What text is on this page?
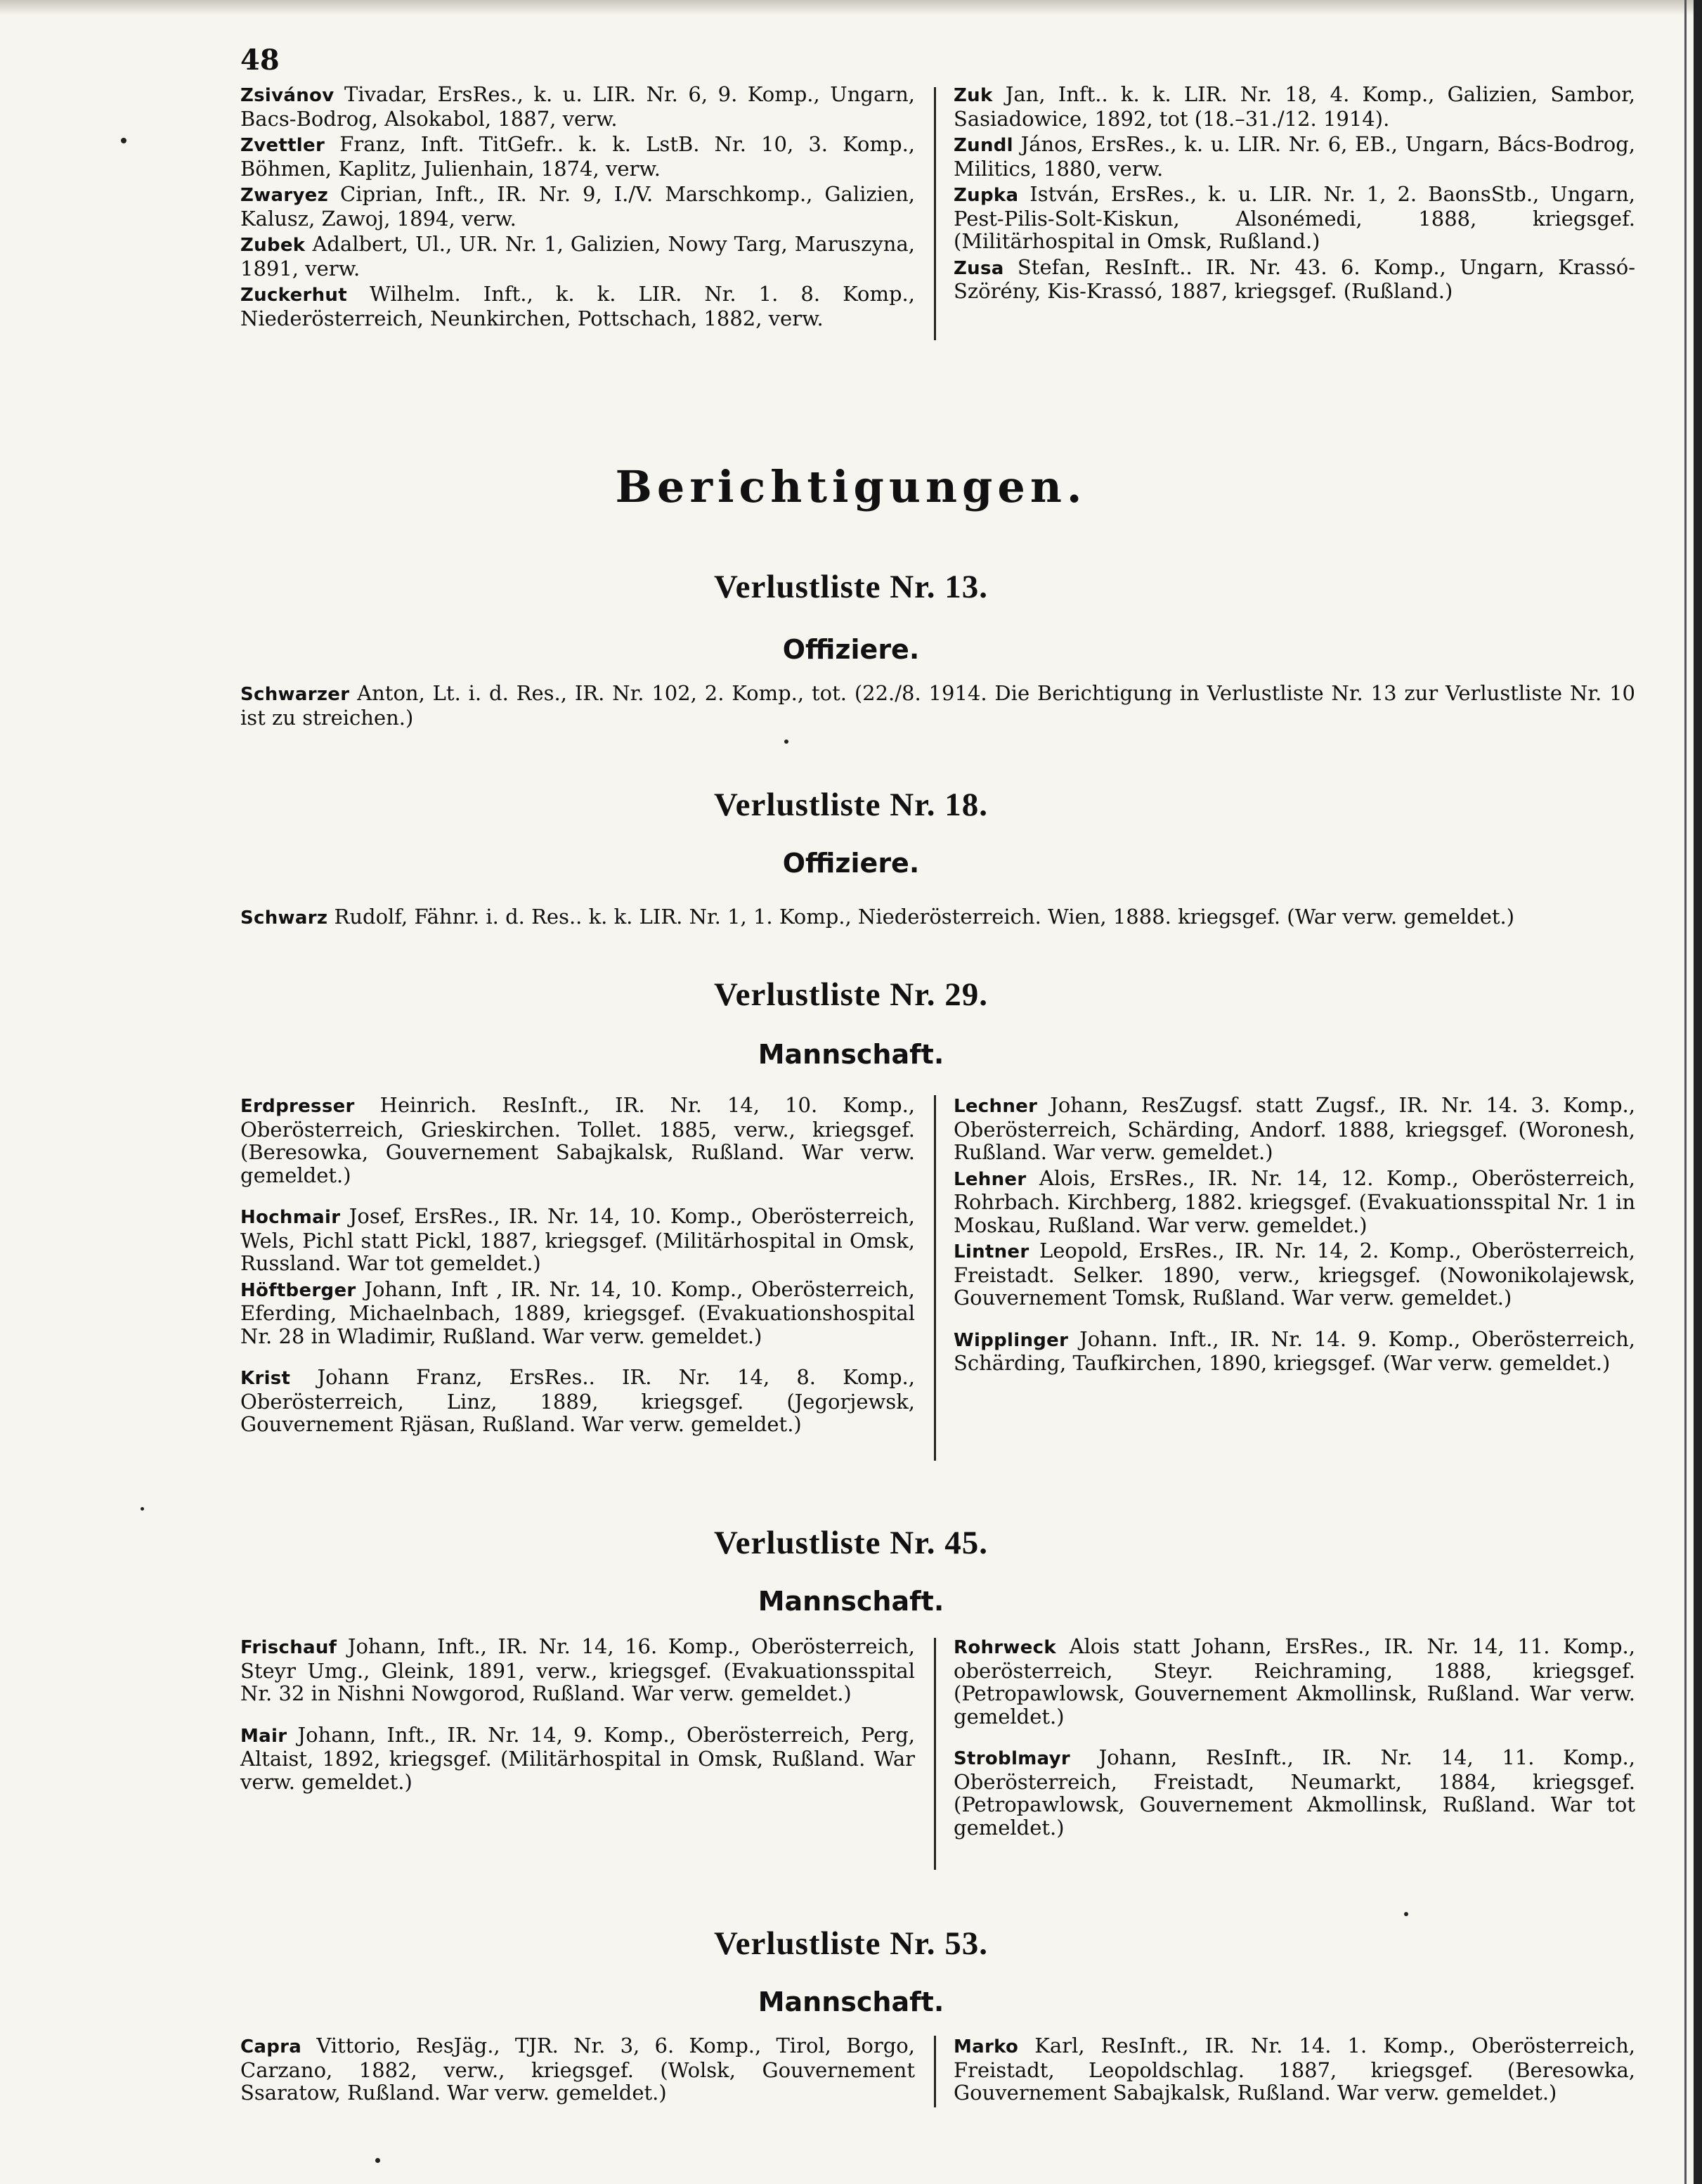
48

Zsivánov Tivadar, ErsRes., k. u. LIR. Nr. 6, 9. Komp., Ungarn, Bacs-Bodrog, Alsokabol, 1887, verw.

Zvettler Franz, Inft. TitGefr.. k. k. LstB. Nr. 10, 3. Komp., Böhmen, Kaplitz, Julienhain, 1874, verw.

Zwaryez Ciprian, Inft., IR. Nr. 9, I./V. Marschkomp., Galizien, Kalusz, Zawoj, 1894, verw.

Zubek Adalbert, Ul., UR. Nr. 1, Galizien, Nowy Targ, Maruszyna, 1891, verw.

Zuckerhut Wilhelm. Inft., k. k. LIR. Nr. 1. 8. Komp., Niederösterreich, Neunkirchen, Pottschach, 1882, verw.

Zuk Jan, Inft.. k. k. LIR. Nr. 18, 4. Komp., Galizien, Sambor, Sasiadowice, 1892, tot (18.–31./12. 1914).

Zundl János, ErsRes., k. u. LIR. Nr. 6, EB., Ungarn, Bács-Bodrog, Militics, 1880, verw.

Zupka István, ErsRes., k. u. LIR. Nr. 1, 2. BaonsStb., Ungarn, Pest-Pilis-Solt-Kiskun, Alsonémedi, 1888, kriegsgef. (Militärhospital in Omsk, Rußland.)

Zusa Stefan, ResInft.. IR. Nr. 43. 6. Komp., Ungarn, Krassó-Szörény, Kis-Krassó, 1887, kriegsgef. (Rußland.)

Berichtigungen.
Verlustliste Nr. 13.
Offiziere.

Schwarzer Anton, Lt. i. d. Res., IR. Nr. 102, 2. Komp., tot. (22./8. 1914. Die Berichtigung in Verlustliste Nr. 13 zur Verlustliste Nr. 10 ist zu streichen.)

Verlustliste Nr. 18.
Offiziere.

Schwarz Rudolf, Fähnr. i. d. Res.. k. k. LIR. Nr. 1, 1. Komp., Niederösterreich. Wien, 1888. kriegsgef. (War verw. gemeldet.)

Verlustliste Nr. 29.
Mannschaft.

Erdpresser Heinrich. ResInft., IR. Nr. 14, 10. Komp., Oberösterreich, Grieskirchen. Tollet. 1885, verw., kriegsgef. (Beresowka, Gouvernement Sabajkalsk, Rußland. War verw. gemeldet.)

Hochmair Josef, ErsRes., IR. Nr. 14, 10. Komp., Oberösterreich, Wels, Pichl statt Pickl, 1887, kriegsgef. (Militärhospital in Omsk, Russland. War tot gemeldet.)

Höftberger Johann, Inft , IR. Nr. 14, 10. Komp., Oberösterreich, Eferding, Michaelnbach, 1889, kriegsgef. (Evakuationshospital Nr. 28 in Wladimir, Rußland. War verw. gemeldet.)

Krist Johann Franz, ErsRes.. IR. Nr. 14, 8. Komp., Oberösterreich, Linz, 1889, kriegsgef. (Jegorjewsk, Gouvernement Rjäsan, Rußland. War verw. gemeldet.)

Lechner Johann, ResZugsf. statt Zugsf., IR. Nr. 14. 3. Komp., Oberösterreich, Schärding, Andorf. 1888, kriegsgef. (Woronesh, Rußland. War verw. gemeldet.)

Lehner Alois, ErsRes., IR. Nr. 14, 12. Komp., Oberösterreich, Rohrbach. Kirchberg, 1882. kriegsgef. (Evakuationsspital Nr. 1 in Moskau, Rußland. War verw. gemeldet.)

Lintner Leopold, ErsRes., IR. Nr. 14, 2. Komp., Oberösterreich, Freistadt. Selker. 1890, verw., kriegsgef. (Nowonikolajewsk, Gouvernement Tomsk, Rußland. War verw. gemeldet.)

Wipplinger Johann. Inft., IR. Nr. 14. 9. Komp., Oberösterreich, Schärding, Taufkirchen, 1890, kriegsgef. (War verw. gemeldet.)

Verlustliste Nr. 45.
Mannschaft.

Frischauf Johann, Inft., IR. Nr. 14, 16. Komp., Oberösterreich, Steyr Umg., Gleink, 1891, verw., kriegsgef. (Evakuationsspital Nr. 32 in Nishni Nowgorod, Rußland. War verw. gemeldet.)

Mair Johann, Inft., IR. Nr. 14, 9. Komp., Oberösterreich, Perg, Altaist, 1892, kriegsgef. (Militärhospital in Omsk, Rußland. War verw. gemeldet.)

Rohrweck Alois statt Johann, ErsRes., IR. Nr. 14, 11. Komp., oberösterreich, Steyr. Reichraming, 1888, kriegsgef. (Petropawlowsk, Gouvernement Akmollinsk, Rußland. War verw. gemeldet.)

Stroblmayr Johann, ResInft., IR. Nr. 14, 11. Komp., Oberösterreich, Freistadt, Neumarkt, 1884, kriegsgef. (Petropawlowsk, Gouvernement Akmollinsk, Rußland. War tot gemeldet.)

Verlustliste Nr. 53.
Mannschaft.

Capra Vittorio, ResJäg., TJR. Nr. 3, 6. Komp., Tirol, Borgo, Carzano, 1882, verw., kriegsgef. (Wolsk, Gouvernement Ssaratow, Rußland. War verw. gemeldet.)

Marko Karl, ResInft., IR. Nr. 14. 1. Komp., Oberösterreich, Freistadt, Leopoldschlag. 1887, kriegsgef. (Beresowka, Gouvernement Sabajkalsk, Rußland. War verw. gemeldet.)
